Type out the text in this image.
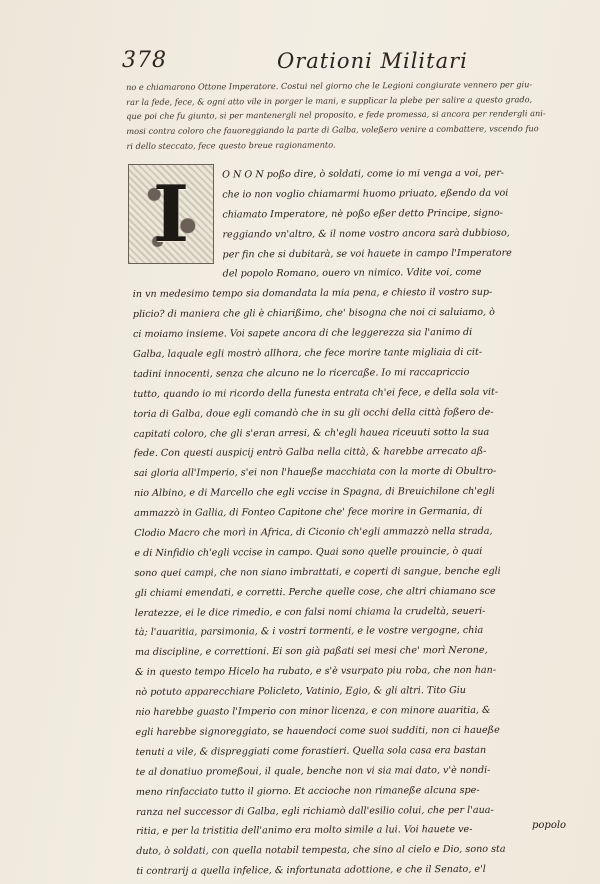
378	Orationi Militari
no e chiamarono Ottone Imperatore. Costui nel giorno che le Legioni congiurate vennero per giu-
rar la fede, fece, & ogni atto vile in porger le mani, e supplicar la plebe per salire a questo grado,
que poi che fu giunto, si per mantenergli nel proposito, e fede promessa, si ancora per rendergli ani-
mosi contra coloro che fauoreggiando la parte di Galba, voleßero venire a combattere, vscendo fuo
ri dello steccato, fece questo breue ragionamento.
I	O N O N poßo dire, ò soldati, come io mi venga a voi, per-
che io non voglio chiamarmi huomo priuato, eßendo da voi
chiamato Imperatore, nè poßo eßer detto Principe, signo-
reggiando vn'altro, & il nome vostro ancora sarà dubbioso,
per fin che si dubitarà, se voi hauete in campo l'Imperatore
del popolo Romano, ouero vn nimico. Vdite voi, come
in vn medesimo tempo sia domandata la mia pena, e chiesto il vostro sup-
plicio? di maniera che gli è chiarißimo, che' bisogna che noi ci saluiamo, ò
ci moiamo insieme. Voi sapete ancora di che leggerezza sia l'animo di
Galba, laquale egli mostrò allhora, che fece morire tante migliaia di cit-
tadini innocenti, senza che alcuno ne lo ricercaße. Io mi raccapriccio
tutto, quando io mi ricordo della funesta entrata ch'ei fece, e della sola vit-
toria di Galba, doue egli comandò che in su gli occhi della città foßero de-
capitati coloro, che gli s'eran arresi, & ch'egli hauea riceuuti sotto la sua
fede. Con questi auspicij entrò Galba nella città, & harebbe arrecato aß-
sai gloria all'Imperio, s'ei non l'haueße macchiata con la morte di Obultro-
nio Albino, e di Marcello che egli vccise in Spagna, di Breuichilone ch'egli
ammazzò in Gallia, di Fonteo Capitone che' fece morire in Germania, di
Clodio Macro che morì in Africa, di Ciconio ch'egli ammazzò nella strada,
e di Ninfidio ch'egli vccise in campo. Quai sono quelle prouincie, ò quai
sono quei campi, che non siano imbrattati, e coperti di sangue, benche egli
gli chiami emendati, e corretti. Perche quelle cose, che altri chiamano sce
leratezze, ei le dice rimedio, e con falsi nomi chiama la crudeltà, seueri-
tà; l'auaritia, parsimonia, & i vostri tormenti, e le vostre vergogne, chia
ma discipline, e correttioni. Ei son già paßati sei mesi che' morì Nerone,
& in questo tempo Hicelo ha rubato, e s'è vsurpato piu roba, che non han-
nò potuto apparecchiare Policleto, Vatinio, Egio, & gli altri. Tito Giu
nio harebbe guasto l'Imperio con minor licenza, e con minore auaritia, &
egli harebbe signoreggiato, se hauendoci come suoi sudditi, non ci haueße
tenuti a vile, & dispreggiati come forastieri. Quella sola casa era bastan
te al donatiuo promeßoui, il quale, benche non vi sia mai dato, v'è nondi-
meno rinfacciato tutto il giorno. Et accioche non rimaneße alcuna spe-
ranza nel successor di Galba, egli richiamò dall'esilio colui, che per l'aua-
ritia, e per la tristitia dell'animo era molto simile a lui. Voi hauete ve-
duto, ò soldati, con quella notabil tempesta, che sino al cielo e Dio, sono sta
ti contrarij a quella infelice, & infortunata adottione, e che il Senato, e'l
popolo
